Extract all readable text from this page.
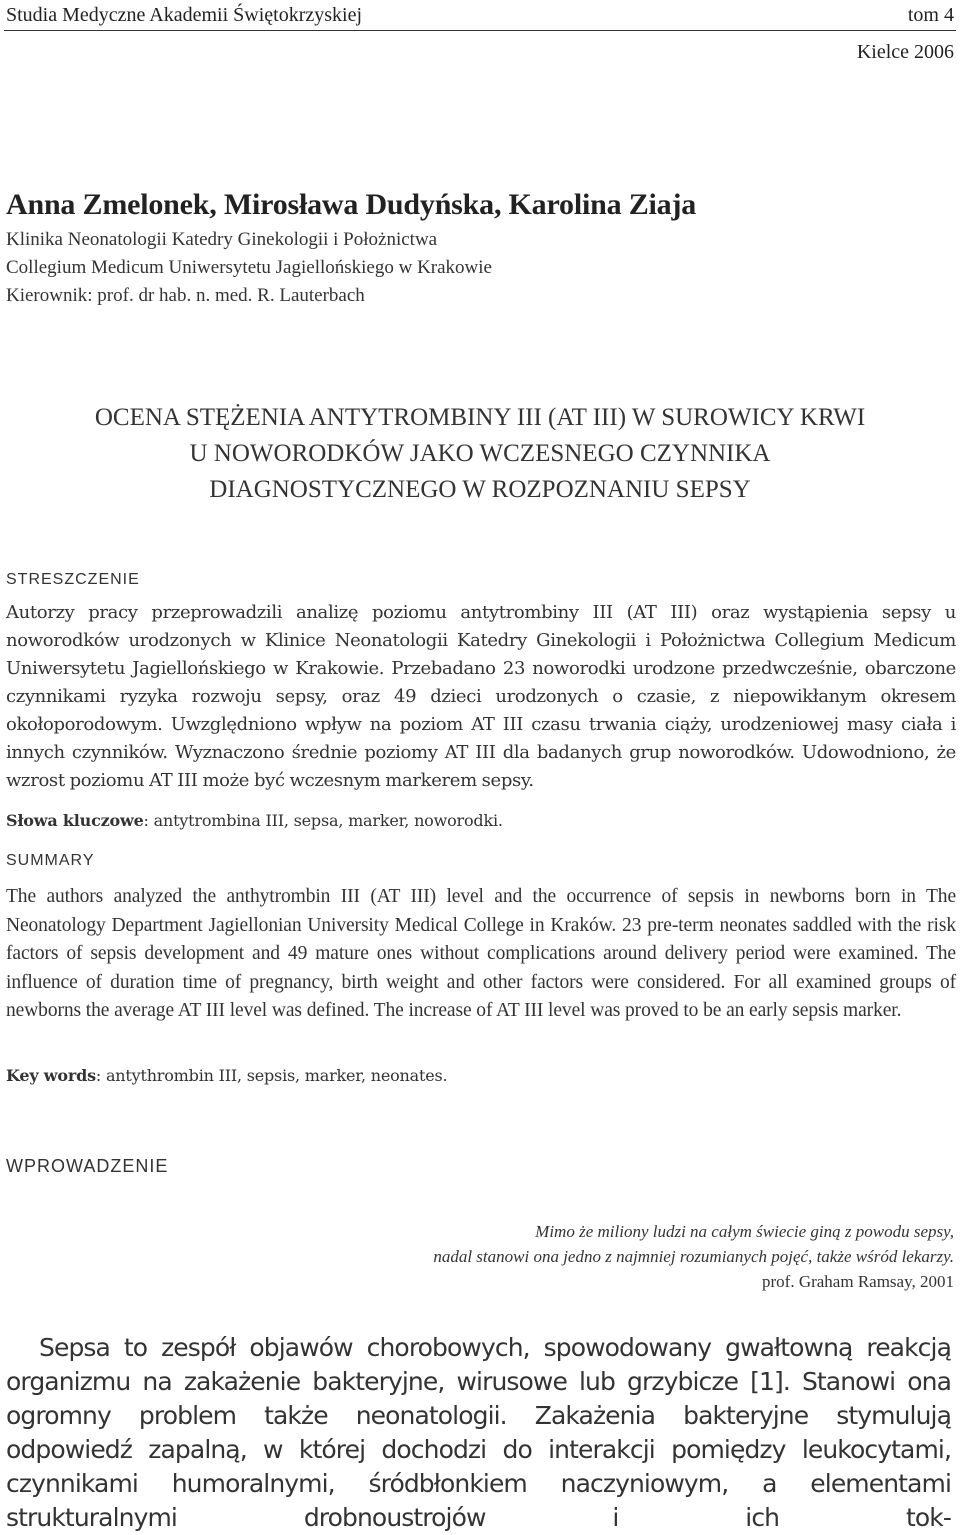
Studia Medyczne Akademii Świętokrzyskiej	tom 4
Kielce 2006
Anna Zmelonek, Mirosława Dudyńska, Karolina Ziaja
Klinika Neonatologii Katedry Ginekologii i Położnictwa
Collegium Medicum Uniwersytetu Jagiellońskiego w Krakowie
Kierownik: prof. dr hab. n. med. R. Lauterbach
OCENA STĘŻENIA ANTYTROMBINY III (AT III) W SUROWICY KRWI
U NOWORODKÓW JAKO WCZESNEGO CZYNNIKA
DIAGNOSTYCZNEGO W ROZPOZNANIU SEPSY
STRESZCZENIE
Autorzy pracy przeprowadzili analizę poziomu antytrombiny III (AT III) oraz wystąpienia sepsy u noworodków urodzonych w Klinice Neonatologii Katedry Ginekologii i Położnictwa Collegium Medicum Uniwersytetu Jagiellońskiego w Krakowie. Przebadano 23 noworodki urodzone przedwcześnie, obarczone czynnikami ryzyka rozwoju sepsy, oraz 49 dzieci urodzonych o czasie, z niepowikłanym okresem okołoporodowym. Uwzględniono wpływ na poziom AT III czasu trwania ciąży, urodzeniowej masy ciała i innych czynników. Wyznaczono średnie poziomy AT III dla badanych grup noworodków. Udowodniono, że wzrost poziomu AT III może być wczesnym markerem sepsy.
Słowa kluczowe: antytrombina III, sepsa, marker, noworodki.
SUMMARY
The authors analyzed the anthytrombin III (AT III) level and the occurrence of sepsis in newborns born in The Neonatology Department Jagiellonian University Medical College in Kraków. 23 pre-term neonates saddled with the risk factors of sepsis development and 49 mature ones without complications around delivery period were examined. The influence of duration time of pregnancy, birth weight and other factors were considered. For all examined groups of newborns the average AT III level was defined. The increase of AT III level was proved to be an early sepsis marker.
Key words: antythrombin III, sepsis, marker, neonates.
WPROWADZENIE
Mimo że miliony ludzi na całym świecie giną z powodu sepsy,
nadal stanowi ona jedno z najmniej rozumianych pojęć, także wśród lekarzy.
prof. Graham Ramsay, 2001
Sepsa to zespół objawów chorobowych, spowodowany gwałtowną reakcją organizmu na zakażenie bakteryjne, wirusowe lub grzybicze [1]. Stanowi ona ogromny problem także neonatologii. Zakażenia bakteryjne stymulują odpowiedź zapalną, w której dochodzi do interakcji pomiędzy leukocytami, czynnikami humoralnymi, śródbłonkiem naczyniowym, a elementami strukturalnymi drobnoustrojów i ich tok-
